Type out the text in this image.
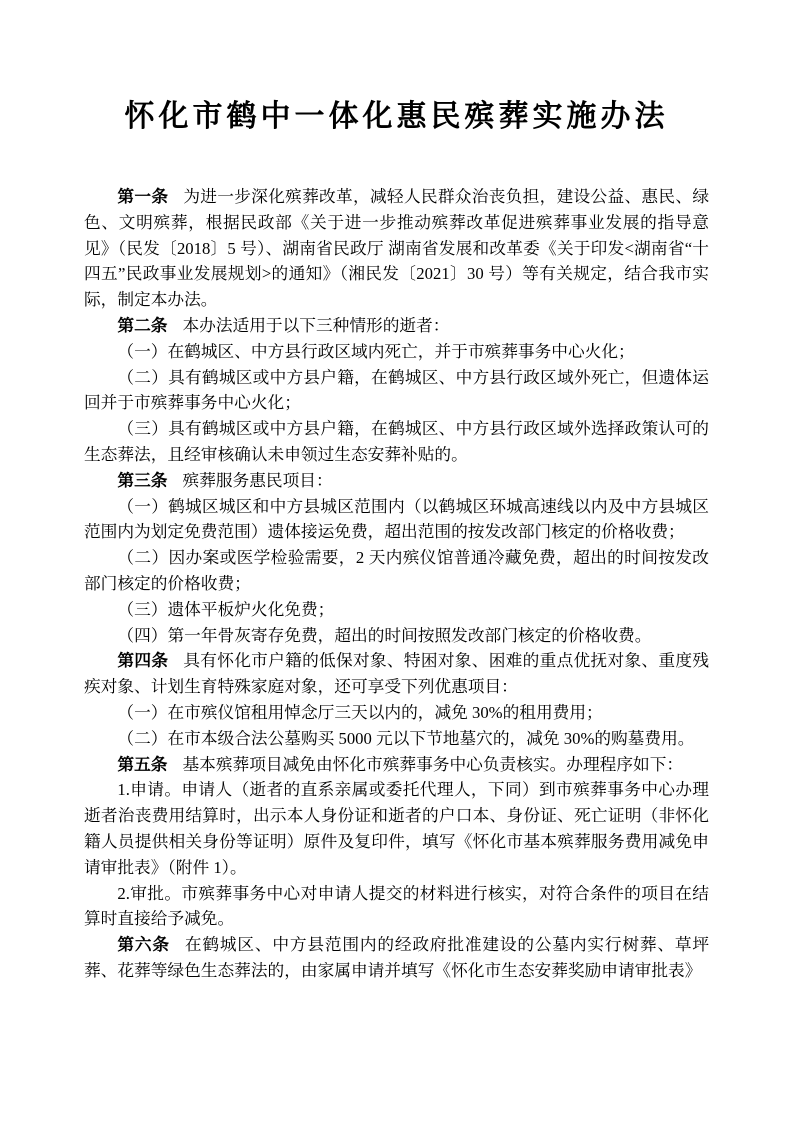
怀化市鹤中一体化惠民殡葬实施办法

第一条 为进一步深化殡葬改革，减轻人民群众治丧负担，建设公益、惠民、绿色、文明殡葬，根据民政部《关于进一步推动殡葬改革促进殡葬事业发展的指导意见》（民发〔2018〕5 号）、湖南省民政厅 湖南省发展和改革委《关于印发<湖南省“十四五”民政事业发展规划>的通知》（湘民发〔2021〕30 号）等有关规定，结合我市实际，制定本办法。

第二条 本办法适用于以下三种情形的逝者：

（一）在鹤城区、中方县行政区域内死亡，并于市殡葬事务中心火化；

（二）具有鹤城区或中方县户籍，在鹤城区、中方县行政区域外死亡，但遗体运回并于市殡葬事务中心火化；

（三）具有鹤城区或中方县户籍，在鹤城区、中方县行政区域外选择政策认可的生态葬法，且经审核确认未申领过生态安葬补贴的。

第三条 殡葬服务惠民项目：

（一）鹤城区城区和中方县城区范围内（以鹤城区环城高速线以内及中方县城区范围内为划定免费范围）遗体接运免费，超出范围的按发改部门核定的价格收费；

（二）因办案或医学检验需要，2 天内殡仪馆普通冷藏免费，超出的时间按发改部门核定的价格收费；

（三）遗体平板炉火化免费；

（四）第一年骨灰寄存免费，超出的时间按照发改部门核定的价格收费。

第四条 具有怀化市户籍的低保对象、特困对象、困难的重点优抚对象、重度残疾对象、计划生育特殊家庭对象，还可享受下列优惠项目：

（一）在市殡仪馆租用悼念厅三天以内的，减免 30%的租用费用；

（二）在市本级合法公墓购买 5000 元以下节地墓穴的，减免 30%的购墓费用。

第五条 基本殡葬项目减免由怀化市殡葬事务中心负责核实。办理程序如下：

1.申请。申请人（逝者的直系亲属或委托代理人，下同）到市殡葬事务中心办理逝者治丧费用结算时，出示本人身份证和逝者的户口本、身份证、死亡证明（非怀化籍人员提供相关身份等证明）原件及复印件，填写《怀化市基本殡葬服务费用减免申请审批表》（附件 1）。

2.审批。市殡葬事务中心对申请人提交的材料进行核实，对符合条件的项目在结算时直接给予减免。

第六条 在鹤城区、中方县范围内的经政府批准建设的公墓内实行树葬、草坪葬、花葬等绿色生态葬法的，由家属申请并填写《怀化市生态安葬奖励申请审批表》
